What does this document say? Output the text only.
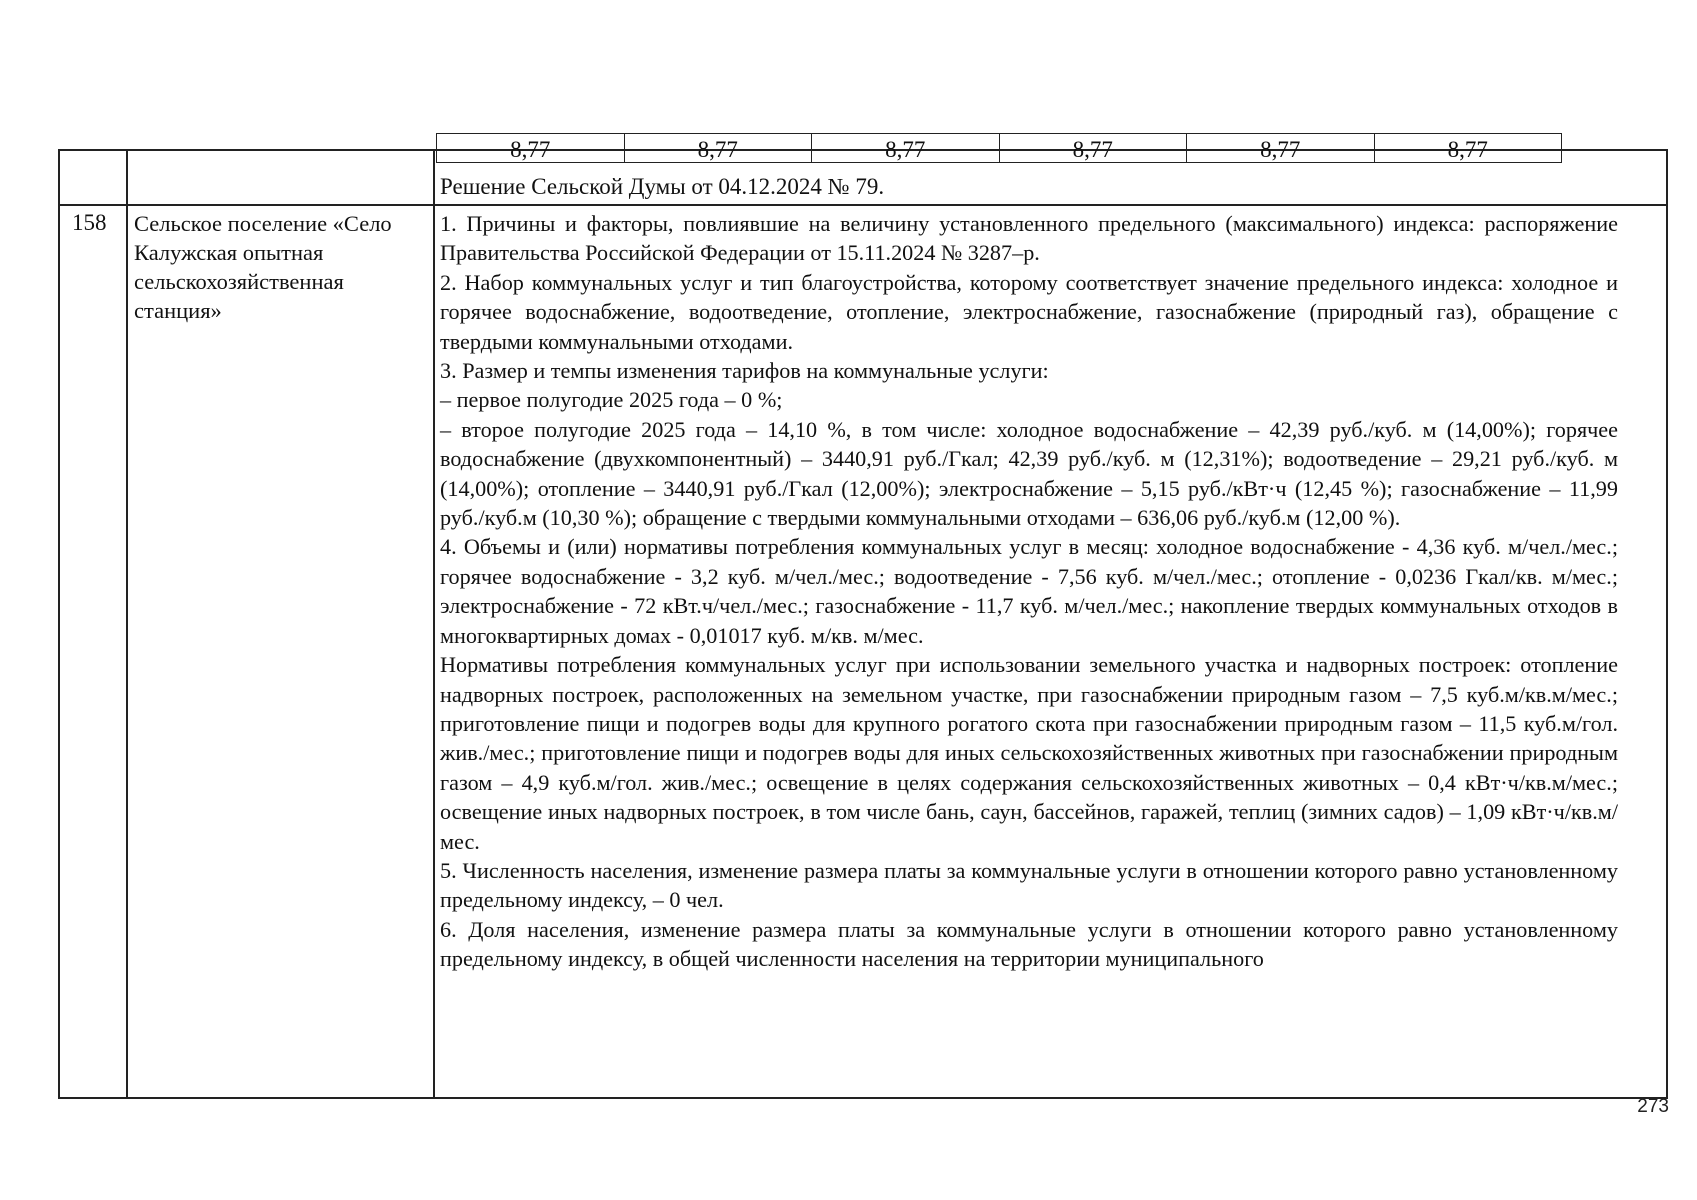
8,77	8,77	8,77	8,77	8,77	8,77
Решение Сельской Думы от 04.12.2024 № 79.
158 Сельское поселение «Село Калужская опытная сельскохозяйственная станция»

1. Причины и факторы, повлиявшие на величину установленного предельного (максимального) индекса: распоряжение Правительства Российской Федерации от 15.11.2024 № 3287–р.

2. Набор коммунальных услуг и тип благоустройства, которому соответствует значение предельного индекса: холодное и горячее водоснабжение, водоотведение, отопление, электроснабжение, газоснабжение (природный газ), обращение с твердыми коммунальными отходами.

3. Размер и темпы изменения тарифов на коммунальные услуги:

– первое полугодие 2025 года – 0 %;

– второе полугодие 2025 года – 14,10 %, в том числе: холодное водоснабжение – 42,39 руб./куб. м (14,00%); горячее водоснабжение (двухкомпонентный) – 3440,91 руб./Гкал; 42,39 руб./куб. м (12,31%); водоотведение – 29,21 руб./куб. м (14,00%); отопление – 3440,91 руб./Гкал (12,00%); электроснабжение – 5,15 руб./кВт·ч (12,45 %); газоснабжение – 11,99 руб./куб.м (10,30 %); обращение с твердыми коммунальными отходами – 636,06 руб./куб.м (12,00 %).

4. Объемы и (или) нормативы потребления коммунальных услуг в месяц: холодное водоснабжение - 4,36 куб. м/чел./мес.; горячее водоснабжение - 3,2 куб. м/чел./мес.; водоотведение - 7,56 куб. м/чел./мес.; отопление - 0,0236 Гкал/кв. м/мес.; электроснабжение - 72 кВт.ч/чел./мес.; газоснабжение - 11,7 куб. м/чел./мес.; накопление твердых коммунальных отходов в многоквартирных домах - 0,01017 куб. м/кв. м/мес.

Нормативы потребления коммунальных услуг при использовании земельного участка и надворных построек: отопление надворных построек, расположенных на земельном участке, при газоснабжении природным газом – 7,5 куб.м/кв.м/мес.; приготовление пищи и подогрев воды для крупного рогатого скота при газоснабжении природным газом – 11,5 куб.м/гол. жив./мес.; приготовление пищи и подогрев воды для иных сельскохозяйственных животных при газоснабжении природным газом – 4,9 куб.м/гол. жив./мес.; освещение в целях содержания сельскохозяйственных животных – 0,4 кВт·ч/кв.м/мес.; освещение иных надворных построек, в том числе бань, саун, бассейнов, гаражей, теплиц (зимних садов) – 1,09 кВт·ч/кв.м/мес.

5. Численность населения, изменение размера платы за коммунальные услуги в отношении которого равно установленному предельному индексу, – 0 чел.

6. Доля населения, изменение размера платы за коммунальные услуги в отношении которого равно установленному предельному индексу, в общей численности населения на территории муниципального

273
